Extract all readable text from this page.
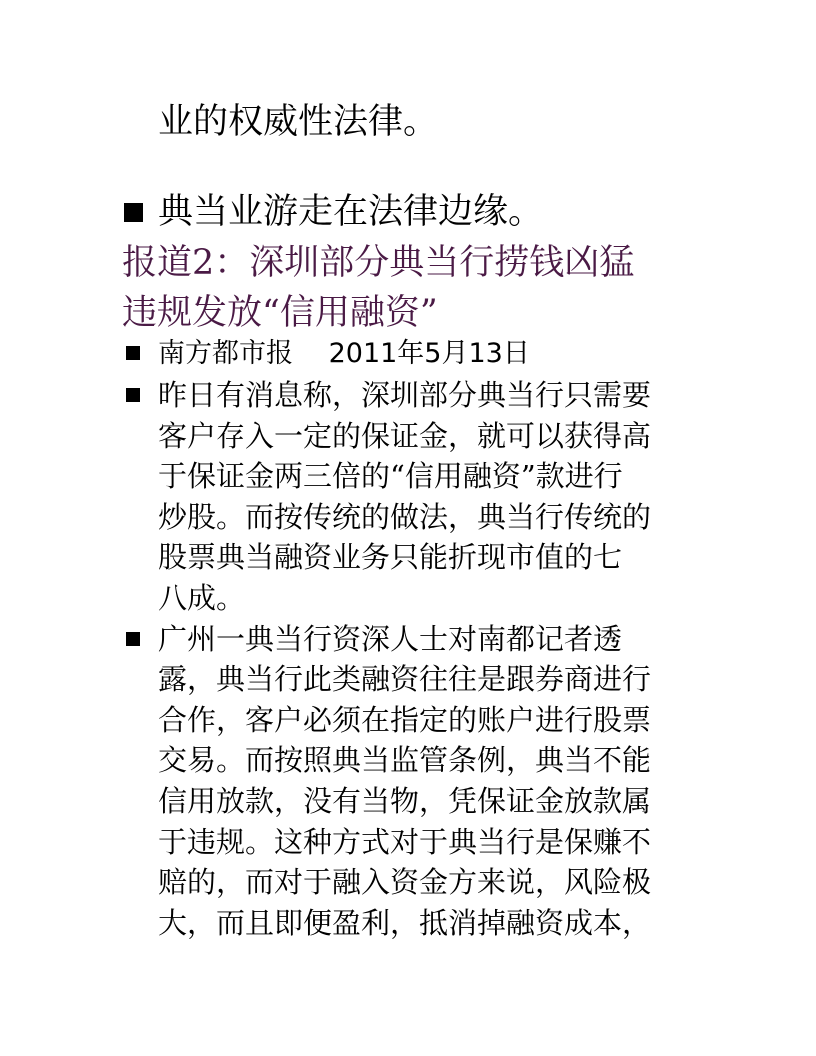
业的权威性法律。
典当业游走在法律边缘。
报道2：深圳部分典当行捞钱凶猛
违规发放“信用融资”
南方都市报　 2011年5月13日
昨日有消息称，深圳部分典当行只需要
客户存入一定的保证金，就可以获得高
于保证金两三倍的“信用融资”款进行
炒股。而按传统的做法，典当行传统的
股票典当融资业务只能折现市值的七
八成。
广州一典当行资深人士对南都记者透
露，典当行此类融资往往是跟券商进行
合作，客户必须在指定的账户进行股票
交易。而按照典当监管条例，典当不能
信用放款，没有当物，凭保证金放款属
于违规。这种方式对于典当行是保赚不
赔的，而对于融入资金方来说，风险极
大，而且即便盈利，抵消掉融资成本，
